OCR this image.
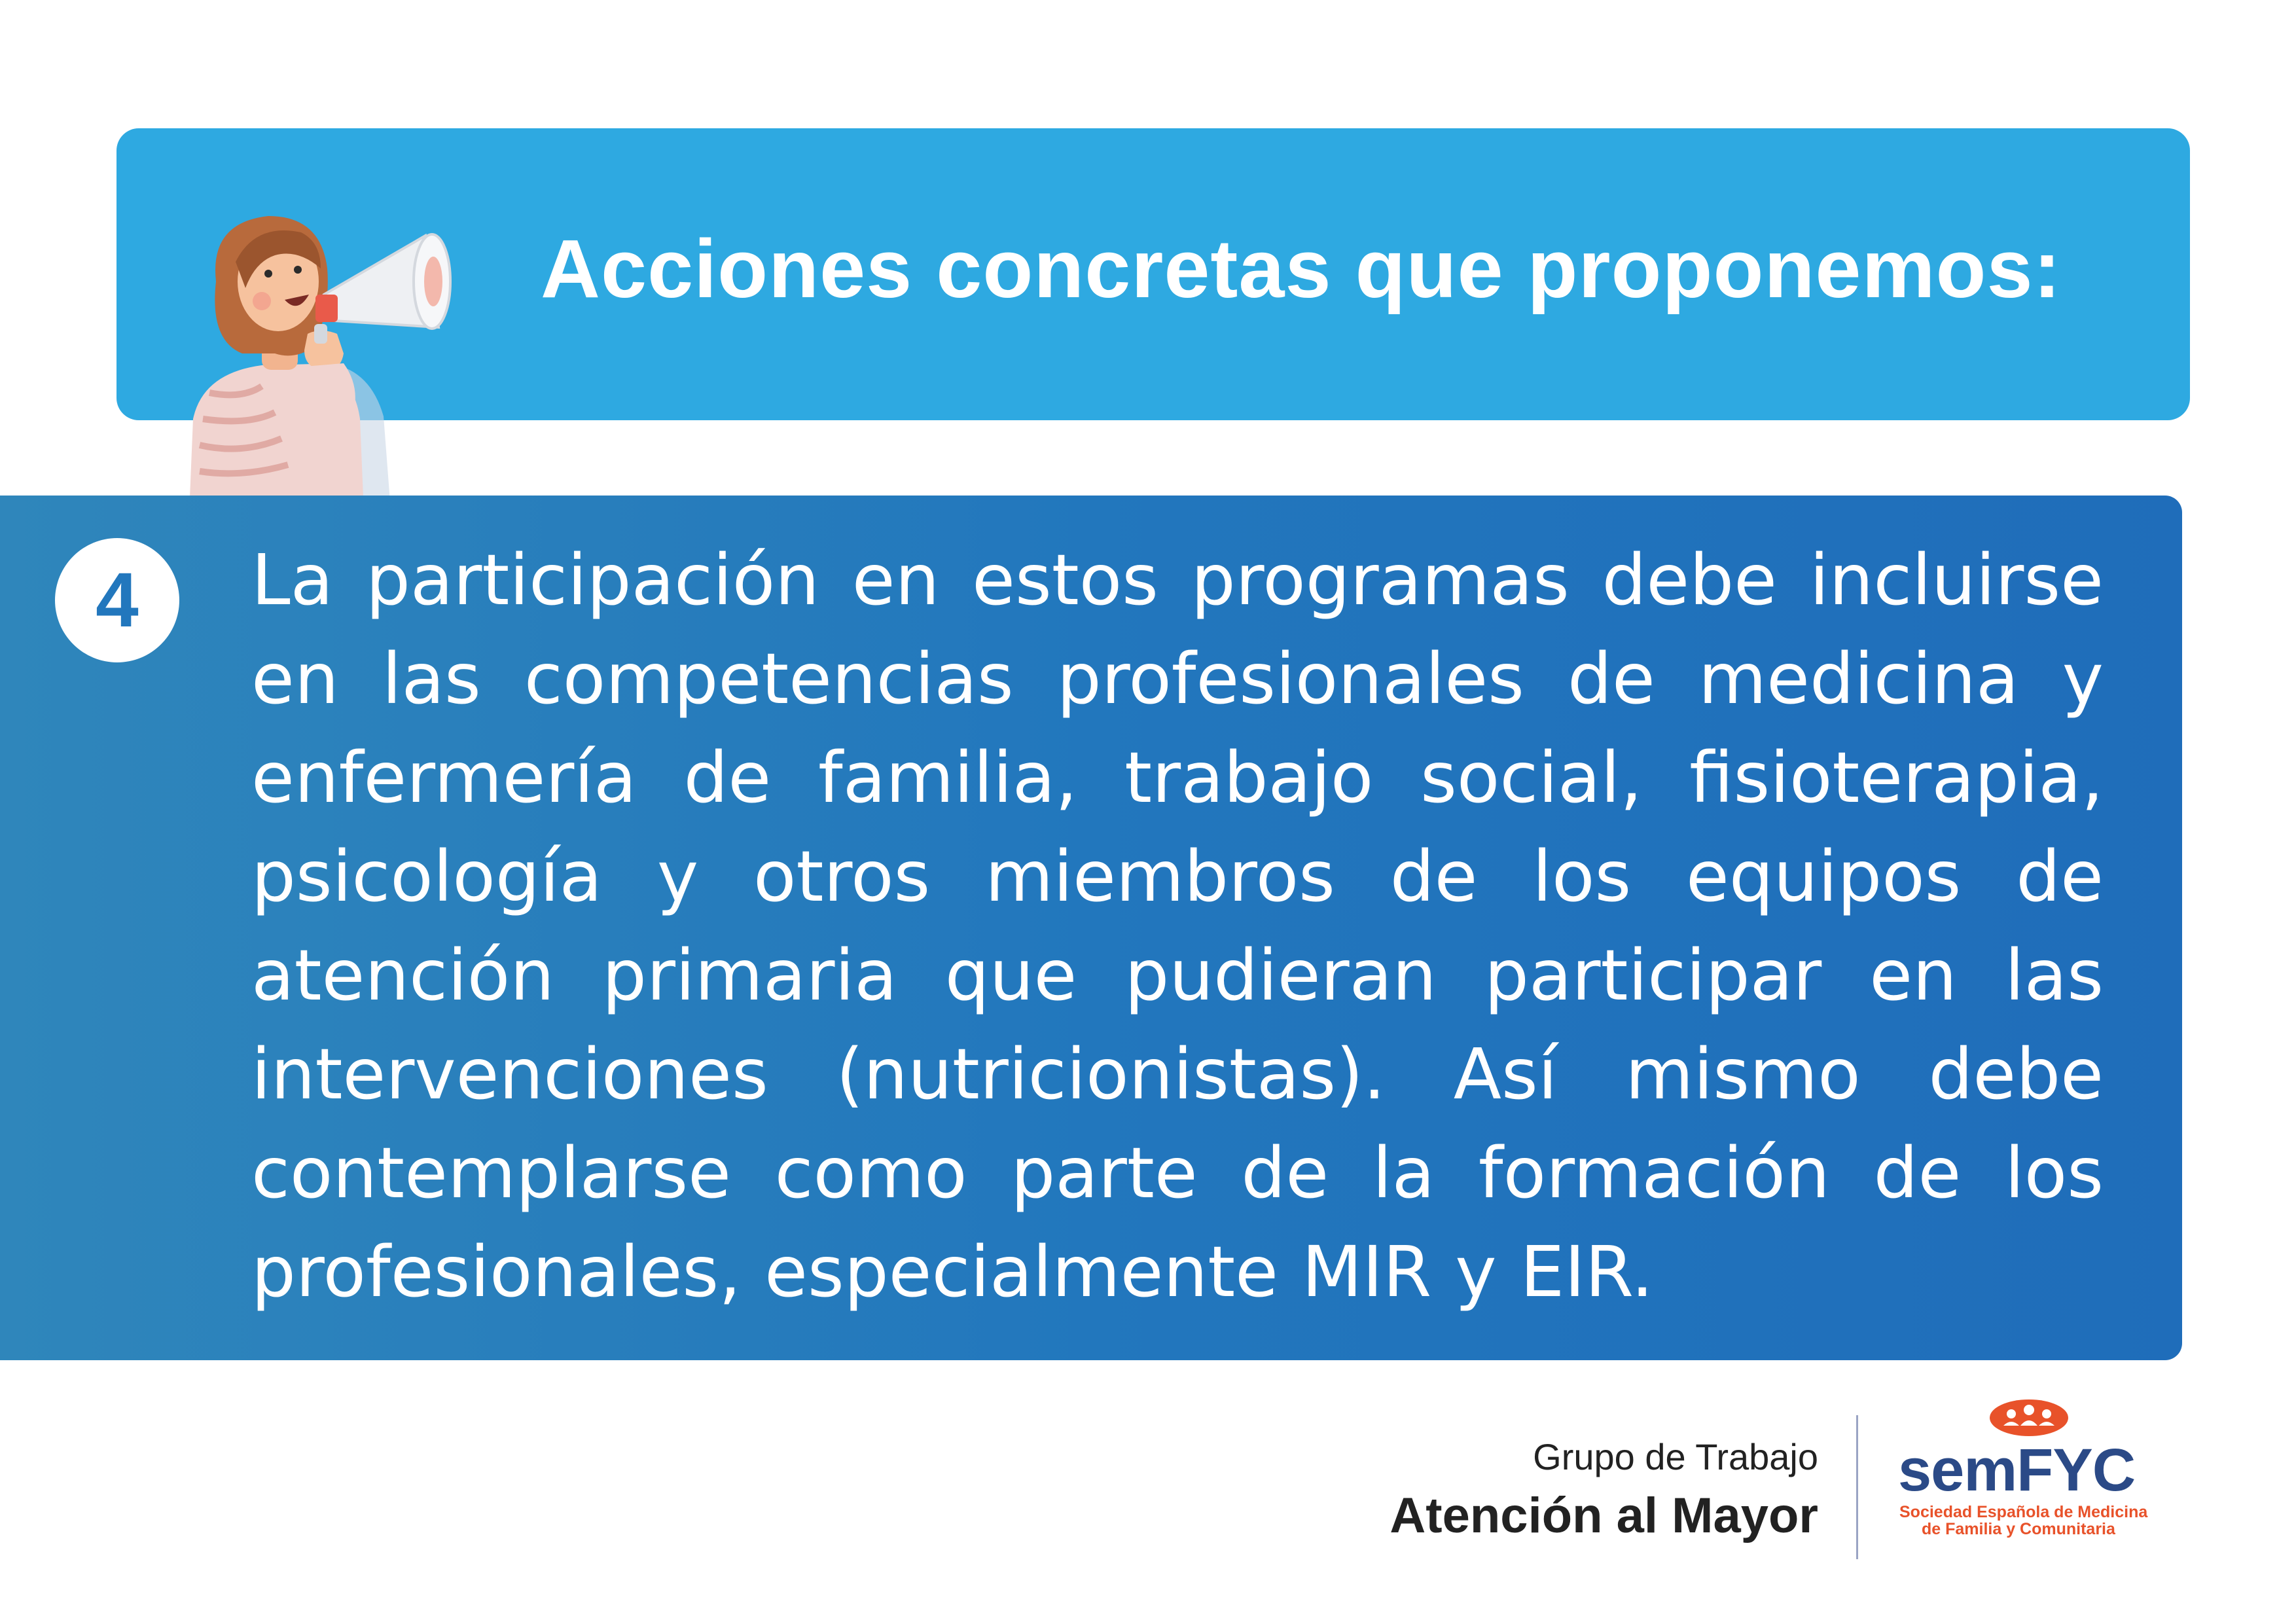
Acciones concretas que proponemos:
4	La participación en estos programas debe incluirse en las competencias profesionales de medicina y enfermería de familia, trabajo social, fisioterapia, psicología y otros miembros de los equipos de atención primaria que pudieran participar en las intervenciones (nutricionistas). Así mismo debe contemplarse como parte de la formación de los profesionales, especialmente MIR y EIR.
Grupo de Trabajo
Atención al Mayor
semFYC
Sociedad Española de Medicina
de Familia y Comunitaria
